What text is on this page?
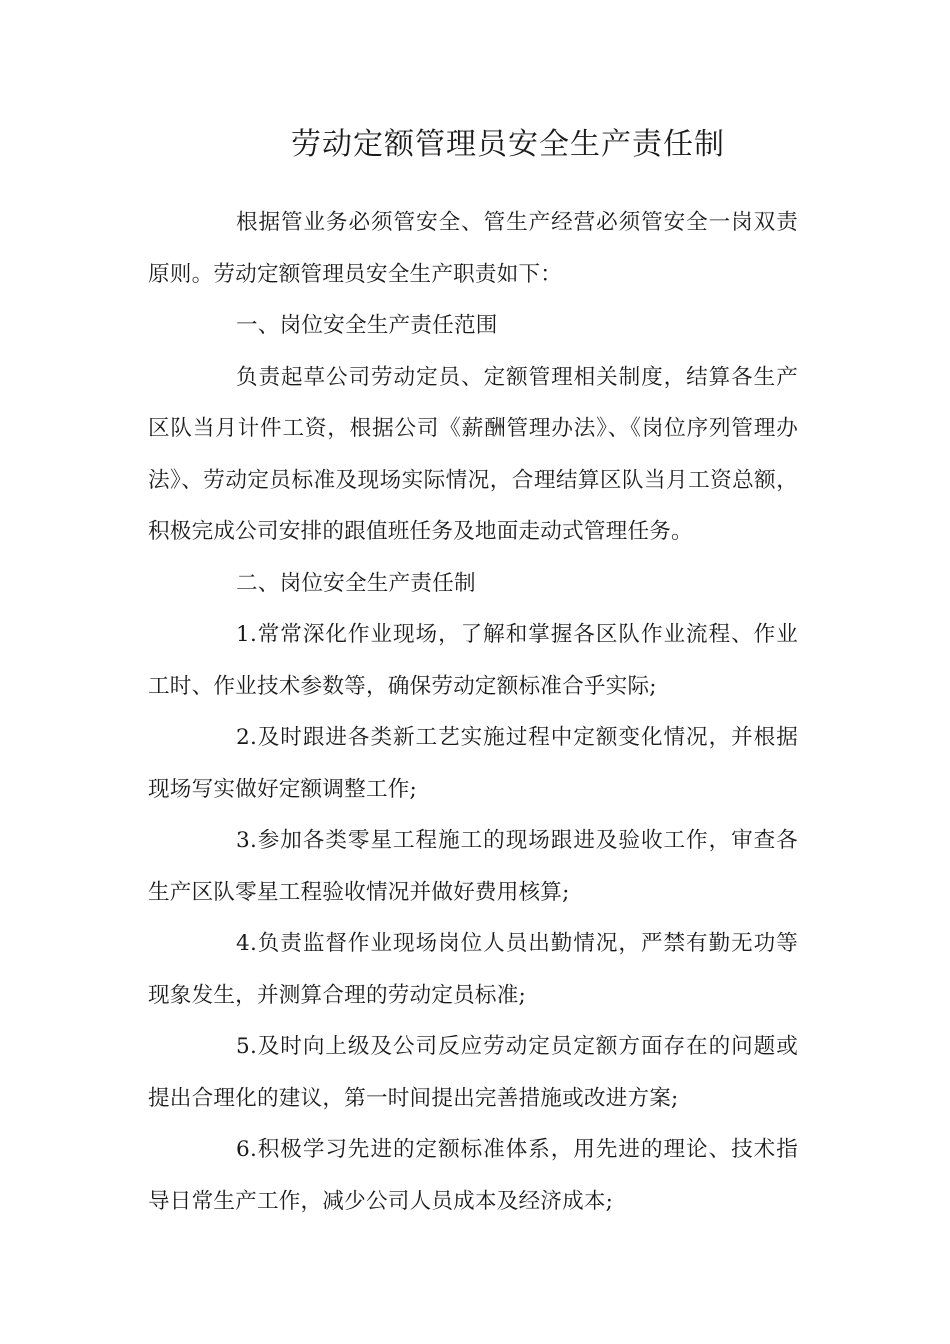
劳动定额管理员安全生产责任制

根据管业务必须管安全、管生产经营必须管安全一岗双责原则。劳动定额管理员安全生产职责如下：

一、岗位安全生产责任范围

负责起草公司劳动定员、定额管理相关制度，结算各生产区队当月计件工资，根据公司《薪酬管理办法》、《岗位序列管理办法》、劳动定员标准及现场实际情况，合理结算区队当月工资总额，积极完成公司安排的跟值班任务及地面走动式管理任务。

二、岗位安全生产责任制

1.常常深化作业现场，了解和掌握各区队作业流程、作业工时、作业技术参数等，确保劳动定额标准合乎实际;

2.及时跟进各类新工艺实施过程中定额变化情况，并根据现场写实做好定额调整工作;

3.参加各类零星工程施工的现场跟进及验收工作，审查各生产区队零星工程验收情况并做好费用核算;

4.负责监督作业现场岗位人员出勤情况，严禁有勤无功等现象发生，并测算合理的劳动定员标准;

5.及时向上级及公司反应劳动定员定额方面存在的问题或提出合理化的建议，第一时间提出完善措施或改进方案;

6.积极学习先进的定额标准体系，用先进的理论、技术指导日常生产工作，减少公司人员成本及经济成本;
